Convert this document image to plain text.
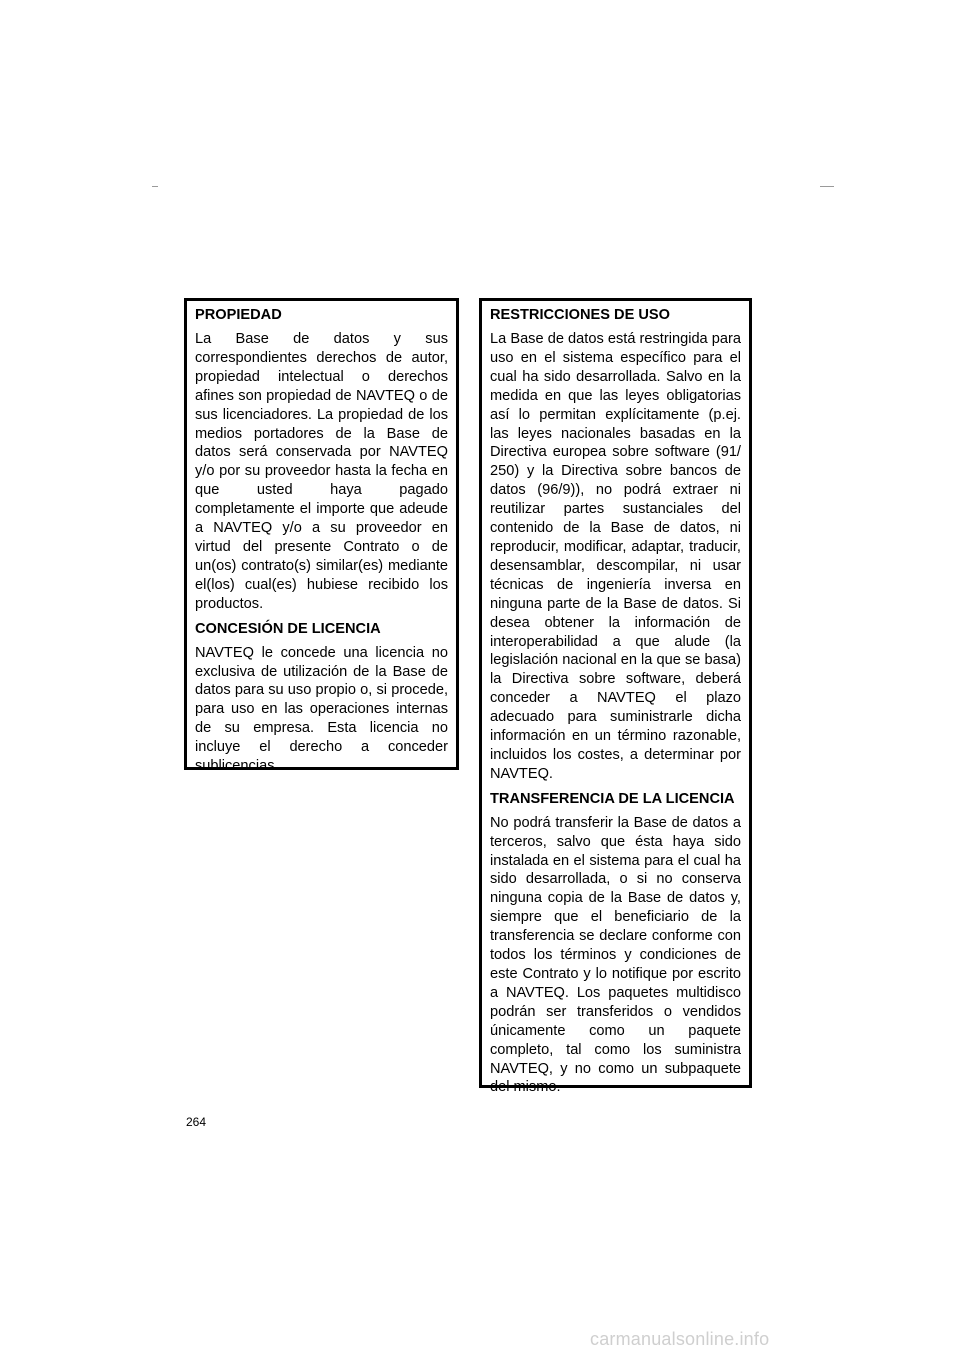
PROPIEDAD

La Base de datos y sus correspondientes derechos de autor, propiedad intelectual o derechos afines son propiedad de NAVTEQ o de sus licenciadores. La propiedad de los medios portadores de la Base de datos será conservada por NAVTEQ y/o por su proveedor hasta la fecha en que usted haya pagado completamente el importe que adeude a NAVTEQ y/o a su proveedor en virtud del presente Contrato o de un(os) contrato(s) similar(es) mediante el(los) cual(es) hubiese recibido los productos.

CONCESIÓN DE LICENCIA

NAVTEQ le concede una licencia no exclusiva de utilización de la Base de datos para su uso propio o, si procede, para uso en las operaciones internas de su empresa. Esta licencia no incluye el derecho a conceder sublicencias.

RESTRICCIONES DE USO

La Base de datos está restringida para uso en el sistema específico para el cual ha sido desarrollada. Salvo en la medida en que las leyes obligatorias así lo permitan explícitamente (p.ej. las leyes nacionales basadas en la Directiva europea sobre software (91/ 250) y la Directiva sobre bancos de datos (96/9)), no podrá extraer ni reutilizar partes sustanciales del contenido de la Base de datos, ni reproducir, modificar, adaptar, traducir, desensamblar, descompilar, ni usar técnicas de ingeniería inversa en ninguna parte de la Base de datos. Si desea obtener la información de interoperabilidad a que alude (la legislación nacional en la que se basa) la Directiva sobre software, deberá conceder a NAVTEQ el plazo adecuado para suministrarle dicha información en un término razonable, incluidos los costes, a determinar por NAVTEQ.

TRANSFERENCIA DE LA LICENCIA

No podrá transferir la Base de datos a terceros, salvo que ésta haya sido instalada en el sistema para el cual ha sido desarrollada, o si no conserva ninguna copia de la Base de datos y, siempre que el beneficiario de la transferencia se declare conforme con todos los términos y condiciones de este Contrato y lo notifique por escrito a NAVTEQ. Los paquetes multidisco podrán ser transferidos o vendidos únicamente como un paquete completo, tal como los suministra NAVTEQ, y no como un subpaquete del mismo.

264
carmanualsonline.info
